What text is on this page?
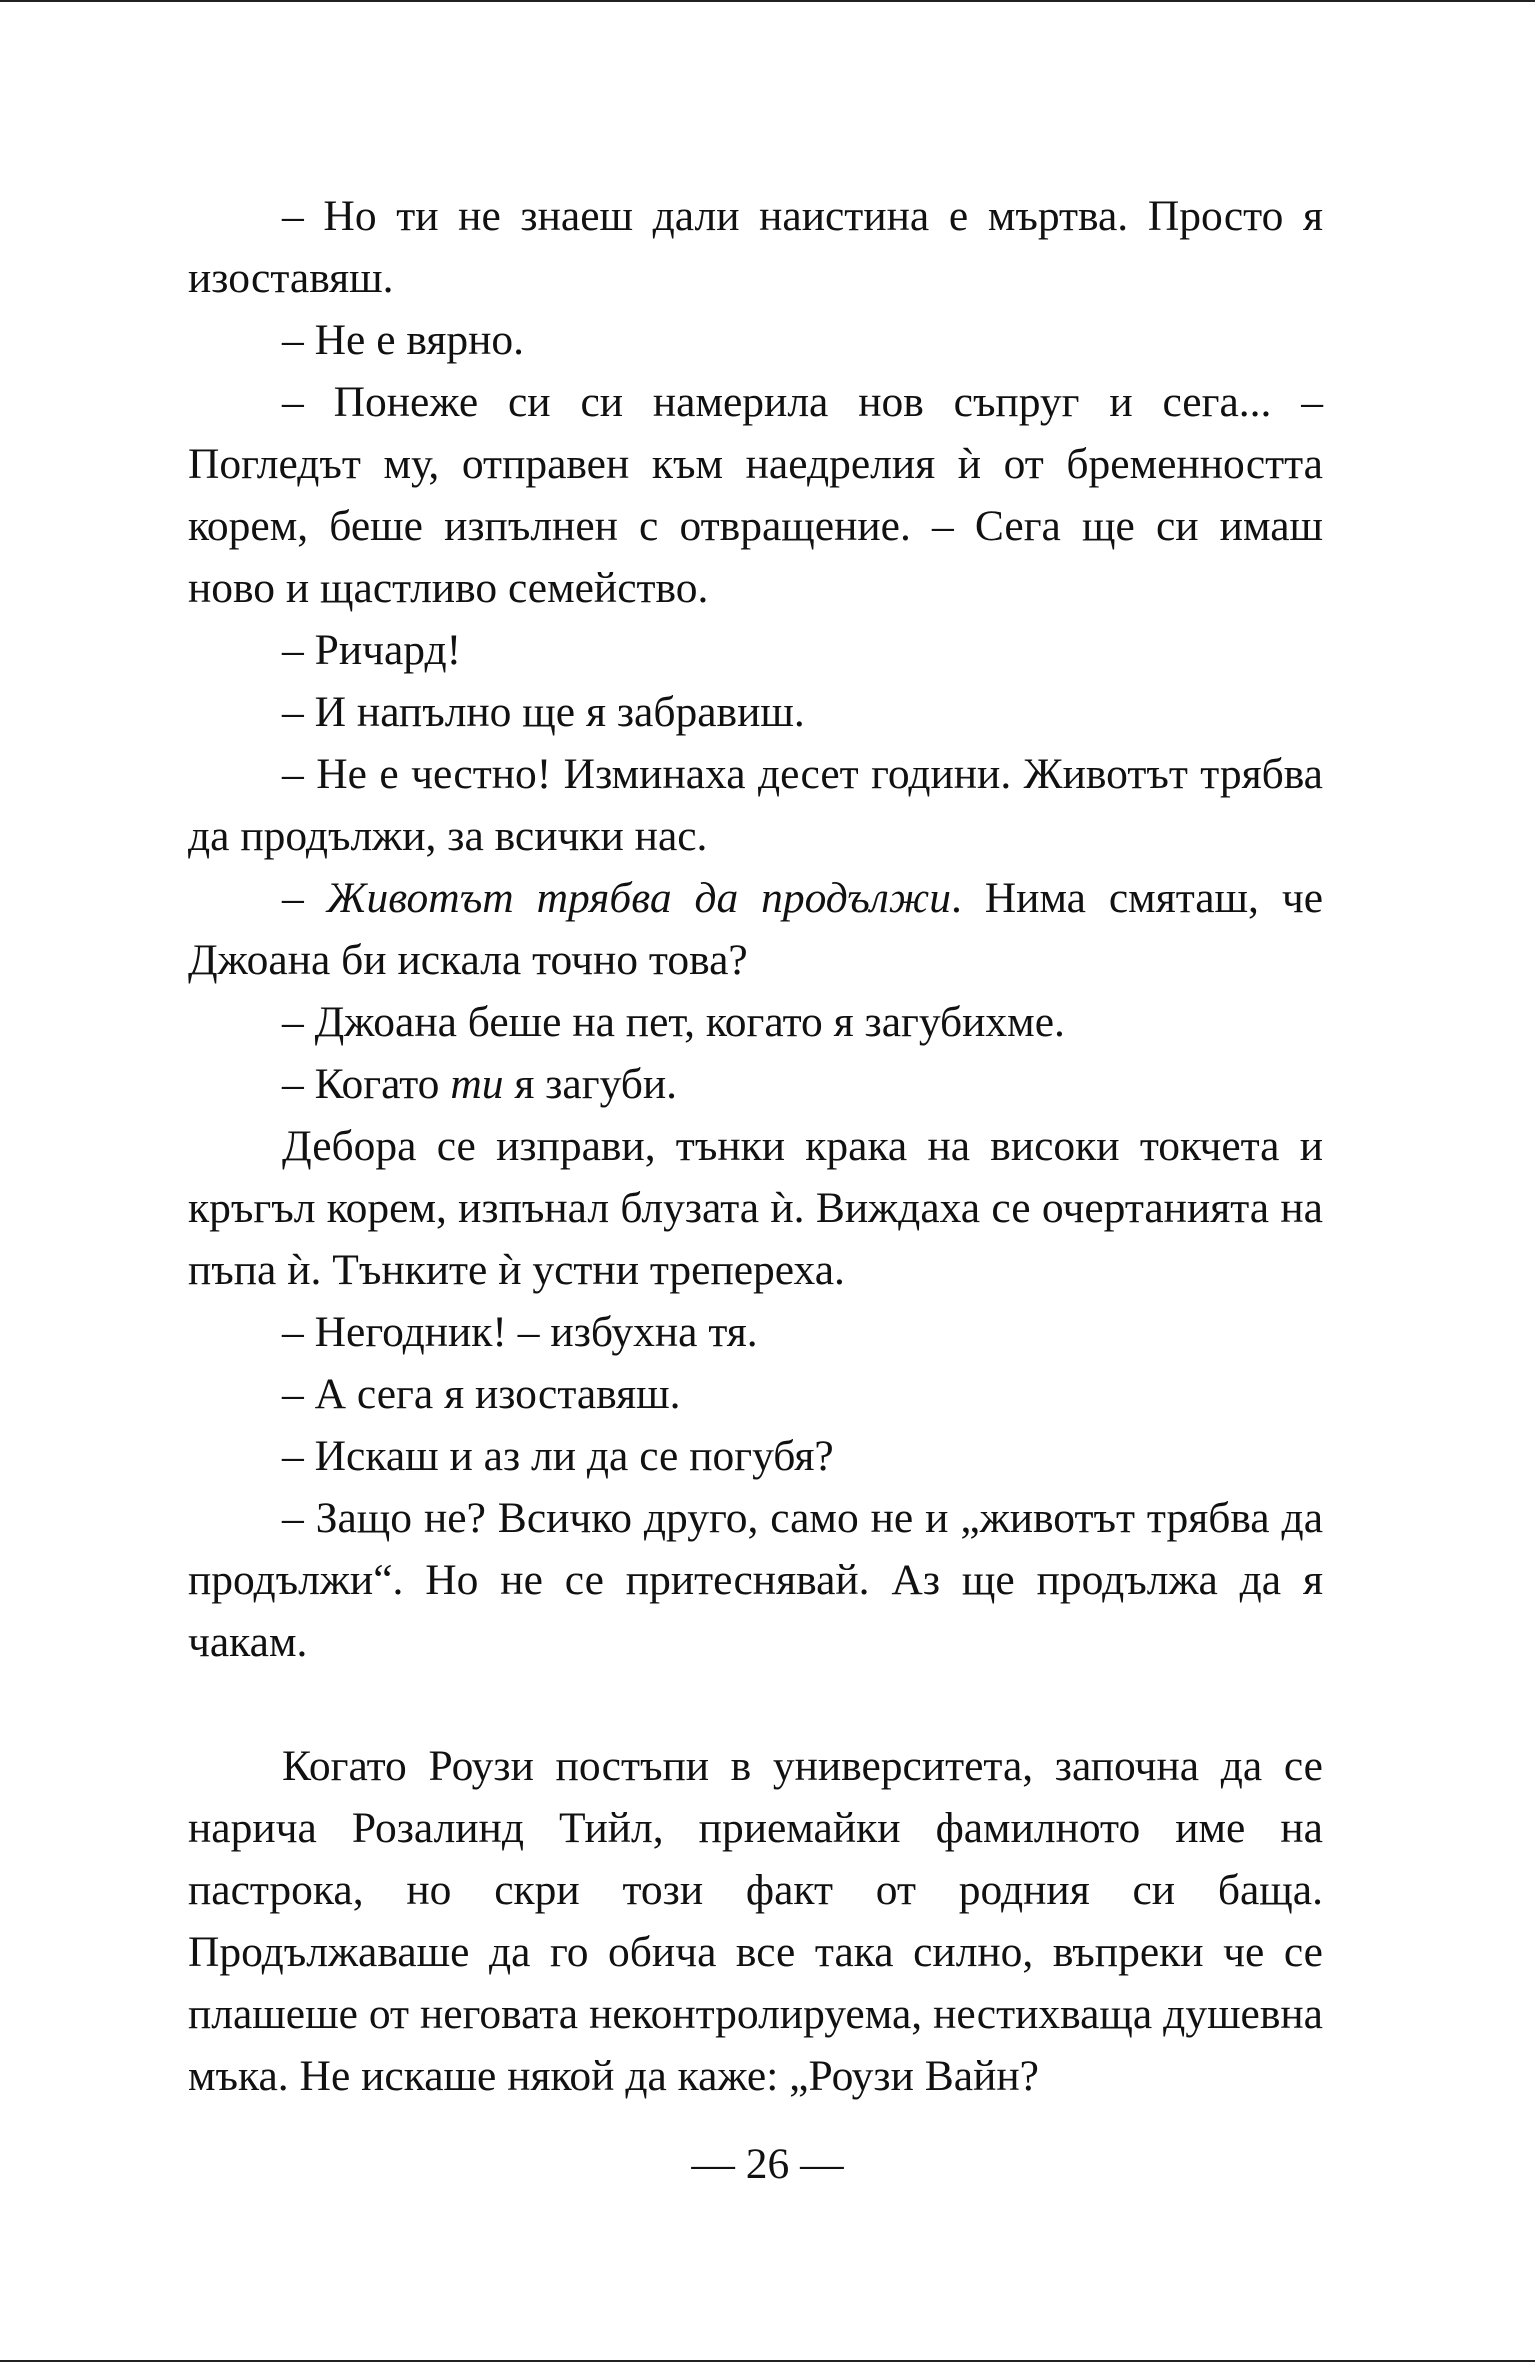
– Но ти не знаеш дали наистина е мъртва. Просто я изоставяш.

– Не е вярно.

– Понеже си си намерила нов съпруг и сега... – Погледът му, отправен към наедрелия ѝ от бременността корем, беше изпълнен с отвращение. – Сега ще си имаш ново и щастливо семейство.

– Ричард!

– И напълно ще я забравиш.

– Не е честно! Изминаха десет години. Животът трябва да продължи, за всички нас.

– Животът трябва да продължи. Нима смяташ, че Джоана би искала точно това?

– Джоана беше на пет, когато я загубихме.

– Когато ти я загуби.

Дебора се изправи, тънки крака на високи токчета и кръгъл корем, изпънал блузата ѝ. Виждаха се очертанията на пъпа ѝ. Тънките ѝ устни трепереха.

– Негодник! – избухна тя.

– А сега я изоставяш.

– Искаш и аз ли да се погубя?

– Защо не? Всичко друго, само не и „животът трябва да продължи“. Но не се притеснявай. Аз ще продължа да я чакам.

Когато Роузи постъпи в университета, започна да се нарича Розалинд Тийл, приемайки фамилното име на пастрока, но скри този факт от родния си баща. Продължаваше да го обича все така силно, въпреки че се плашеше от неговата неконтролируема, нестихваща душевна мъка. Не искаше някой да каже: „Роузи Вайн?

— 26 —
